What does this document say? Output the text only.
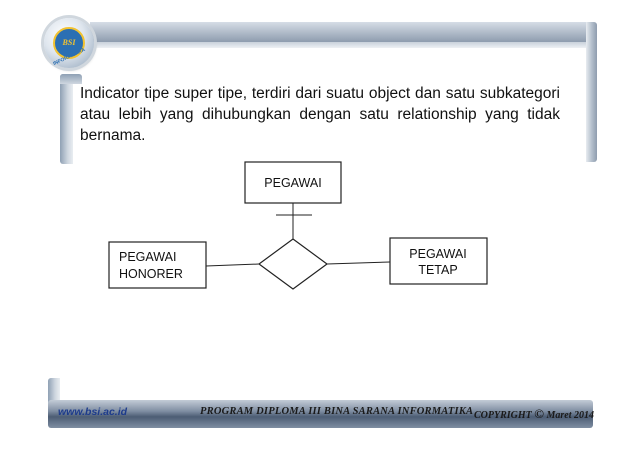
BSI
INFORMATIKA
Indicator tipe super tipe, terdiri dari suatu object dan satu subkategori atau lebih yang dihubungkan dengan satu relationship yang tidak bernama.
PEGAWAI
PEGAWAI
HONORER
PEGAWAI
TETAP
www.bsi.ac.id	PROGRAM DIPLOMA III BINA SARANA INFORMATIKA COPYRIGHT © Maret 2014
